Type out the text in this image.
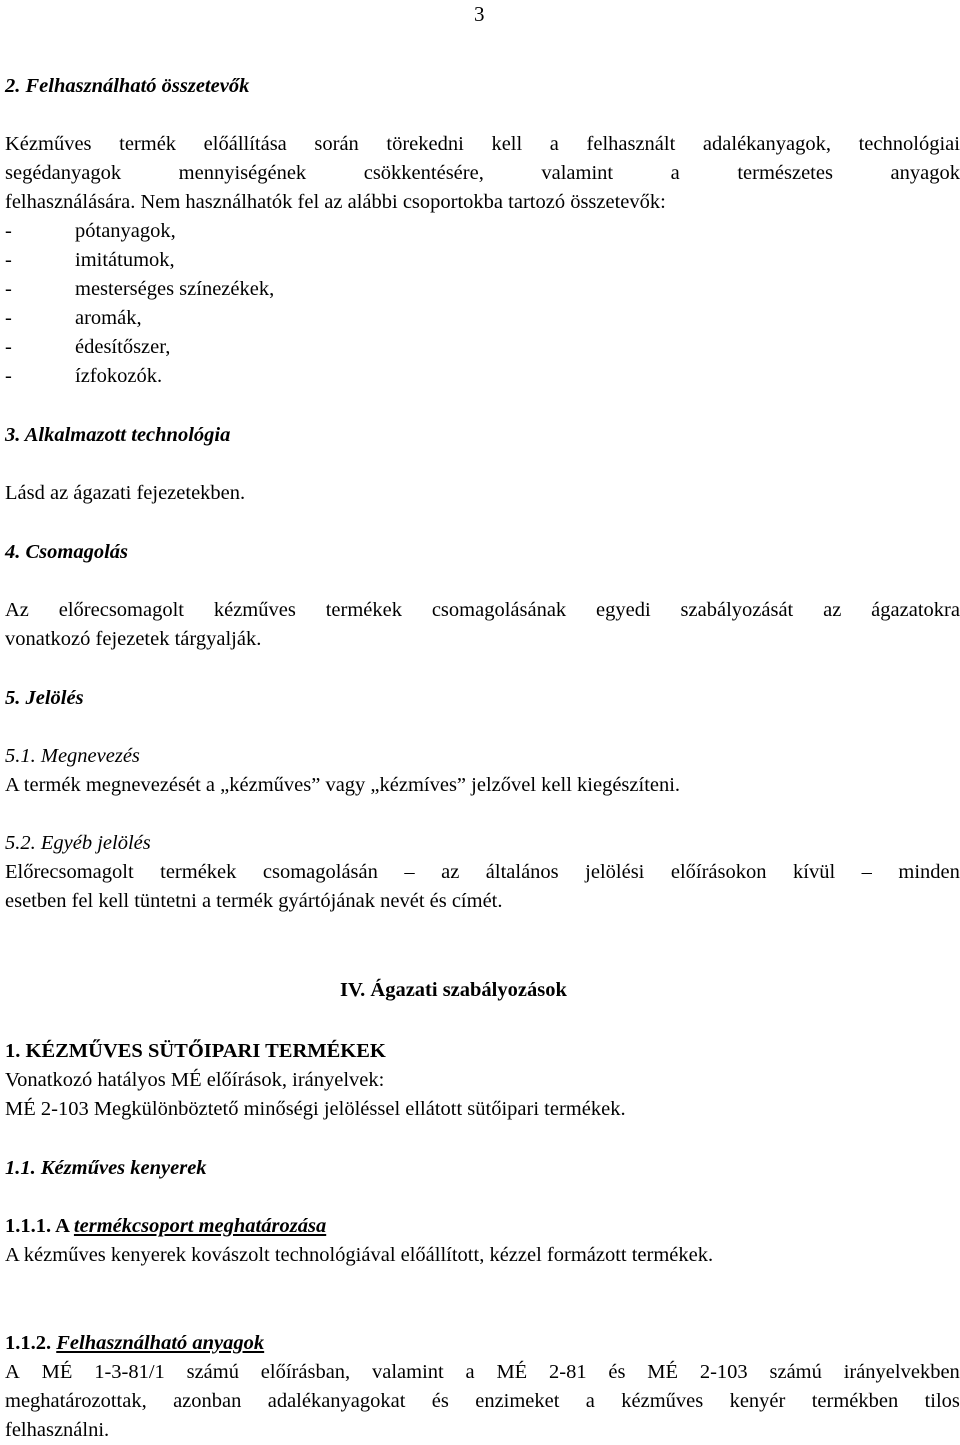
3
2. Felhasználható összetevők
Kézműves termék előállítása során törekedni kell a felhasznált adalékanyagok, technológiai
segédanyagok	mennyiségének	csökkentésére,	valamint	a	természetes	anyagok
felhasználására. Nem használhatók fel az alábbi csoportokba tartozó összetevők:
-	pótanyagok,
-	imitátumok,
-	mesterséges színezékek,
-	aromák,
-	édesítőszer,
-	ízfokozók.
3. Alkalmazott technológia
Lásd az ágazati fejezetekben.
4. Csomagolás
Az előrecsomagolt kézműves termékek csomagolásának egyedi szabályozását az ágazatokra
vonatkozó fejezetek tárgyalják.
5. Jelölés
5.1. Megnevezés
A termék megnevezését a „kézműves” vagy „kézmíves” jelzővel kell kiegészíteni.
5.2. Egyéb jelölés
Előrecsomagolt termékek csomagolásán – az általános jelölési előírásokon kívül – minden
esetben fel kell tüntetni a termék gyártójának nevét és címét.
IV. Ágazati szabályozások
1. KÉZMŰVES SÜTŐIPARI TERMÉKEK
Vonatkozó hatályos MÉ előírások, irányelvek:
MÉ 2-103 Megkülönböztető minőségi jelöléssel ellátott sütőipari termékek.
1.1. Kézműves kenyerek
1.1.1. A termékcsoport meghatározása
A kézműves kenyerek kovászolt technológiával előállított, kézzel formázott termékek.
1.1.2. Felhasználható anyagok
A MÉ 1-3-81/1 számú előírásban, valamint a MÉ 2-81 és MÉ 2-103 számú irányelvekben
meghatározottak, azonban adalékanyagokat és enzimeket a kézműves kenyér termékben tilos
felhasználni.
